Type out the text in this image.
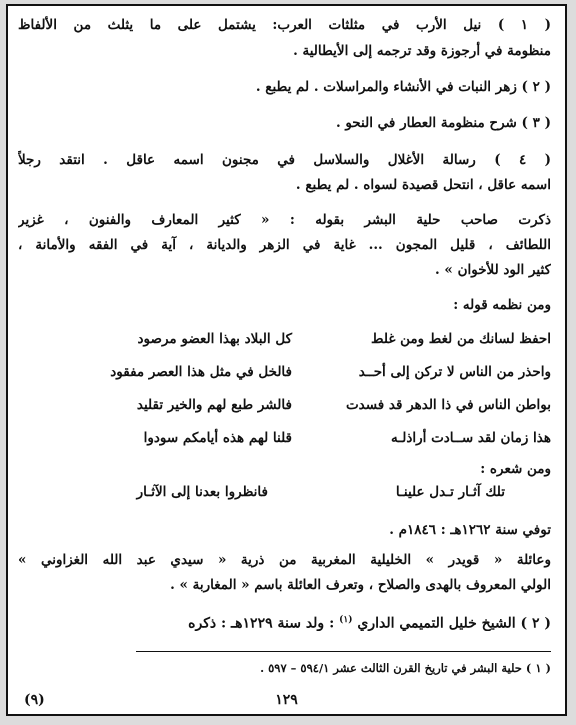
( ١ ) نيل الأرب في مثلثات العرب: يشتمل على ما يثلث من الألفاظ
منظومة في أرجوزة وقد ترجمه إلى الأيطالية .
( ٢ ) زهر النبات في الأنشاء والمراسلات . لم يطبع .
( ٣ ) شرح منظومة العطار في النحو .
( ٤ ) رسالة الأغلال والسلاسل في مجنون اسمه عاقل . انتقد رجلاً
اسمه عاقل ، انتحل قصيدة لسواه . لم يطبع .
ذكرت صاحب حلية البشر بقوله : « كثير المعارف والفنون ، غزير
اللطائف ، قليل المجون ... غاية في الزهر والديانة ، آية في الفقه والأمانة ،
كثير الود للأخوان » .
ومن نظمه قوله :
احفظ لسانك من لغط ومن غلط
كل البلاد بهذا العضو مرصود
واحذر من الناس لا تركن إلى أحــد
فالخل في مثل هذا العصر مفقود
بواطن الناس في ذا الدهر قد فسدت
فالشر طبع لهم والخير تقليد
هذا زمان لقد ســادت أراذلـه
قلنا لهم هذه أيامكم سودوا
ومن شعره :
تلك آثـار تـدل علينـا
فانظروا بعدنا إلى الآثـار
توفي سنة ١٢٦٢هـ : ١٨٤٦م .
وعائلة « قويدر » الخليلية المغربية من ذرية « سيدي عبد الله الغزاوني »
الولي المعروف بالهدى والصلاح ، وتعرف العائلة باسم « المغاربة » .
( ٢ ) الشيخ خليل التميمي الداري $^{(١)}$ : ولد سنة ١٢٢٩هـ : ذكره
( ١ ) حلية البشر في تاريخ القرن الثالث عشر ٥٩٤/١ – ٥٩٧ .
١٢٩
(٩)
